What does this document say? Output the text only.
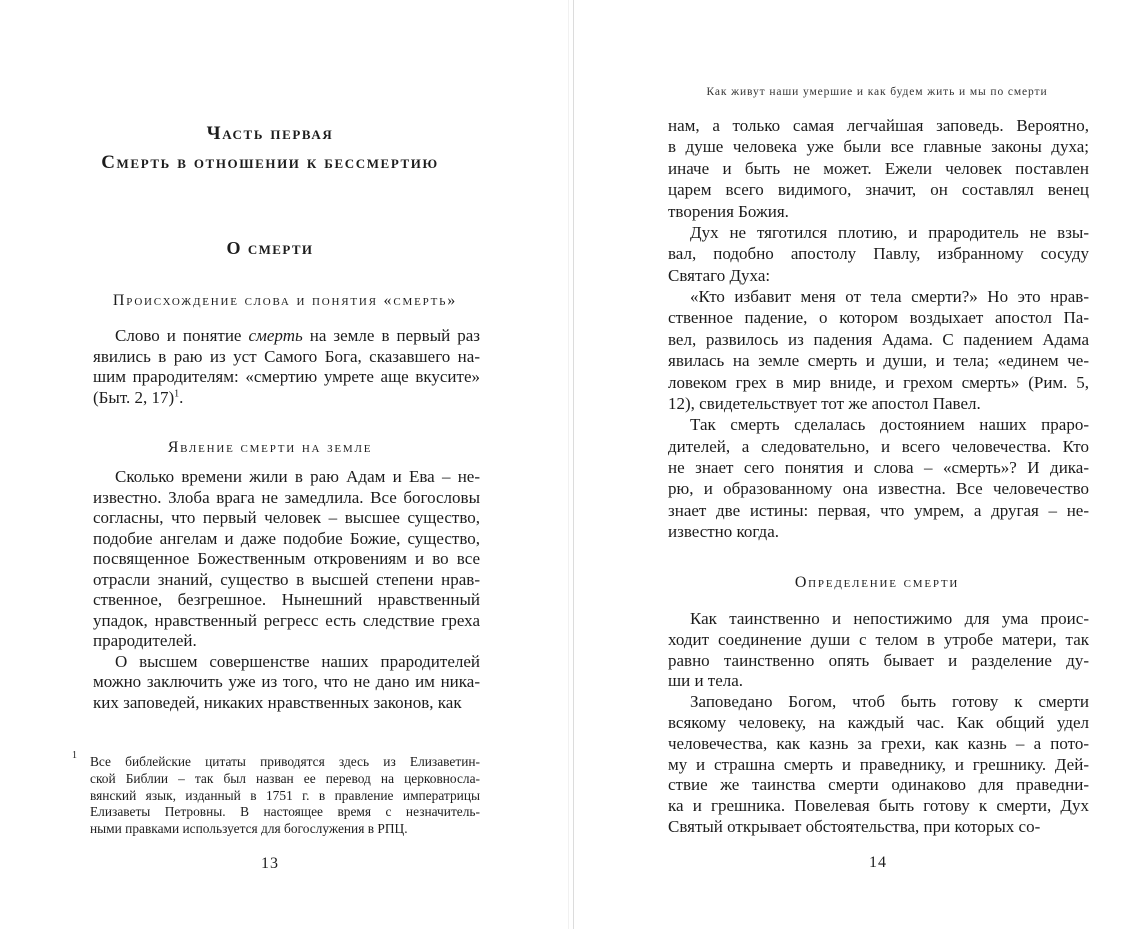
Часть первая
Смерть в отношении к бессмертию
О смерти
Происхождение слова и понятия «смерть»
Слово и понятие смерть на земле в первый раз
явились в раю из уст Самого Бога, сказавшего на-
шим прародителям: «смертию умрете аще вкусите»
(Быт. 2, 17)$^1$.
Явление смерти на земле
Сколько времени жили в раю Адам и Ева – не-
известно. Злоба врага не замедлила. Все богословы
согласны, что первый человек – высшее существо,
подобие ангелам и даже подобие Божие, существо,
посвященное Божественным откровениям и во все
отрасли знаний, существо в высшей степени нрав-
ственное, безгрешное. Нынешний нравственный
упадок, нравственный регресс есть следствие греха
прародителей.
О высшем совершенстве наших прародителей
можно заключить уже из того, что не дано им ника-
ких заповедей, никаких нравственных законов, как
1 Все библейские цитаты приводятся здесь из Елизаветин-
ской Библии – так был назван ее перевод на церковносла-
вянский язык, изданный в 1751 г. в правление императрицы
Елизаветы Петровны. В настоящее время с незначитель-
ными правками используется для богослужения в РПЦ.
13
Как живут наши умершие и как будем жить и мы по смерти
нам, а только самая легчайшая заповедь. Вероятно,
в душе человека уже были все главные законы духа;
иначе и быть не может. Ежели человек поставлен
царем всего видимого, значит, он составлял венец
творения Божия.
Дух не тяготился плотию, и прародитель не взы-
вал, подобно апостолу Павлу, избранному сосуду
Святаго Духа:
«Кто избавит меня от тела смерти?» Но это нрав-
ственное падение, о котором воздыхает апостол Па-
вел, развилось из падения Адама. С падением Адама
явилась на земле смерть и души, и тела; «единем че-
ловеком грех в мир вниде, и грехом смерть» (Рим. 5,
12), свидетельствует тот же апостол Павел.
Так смерть сделалась достоянием наших праро-
дителей, а следовательно, и всего человечества. Кто
не знает сего понятия и слова – «смерть»? И дика-
рю, и образованному она известна. Все человечество
знает две истины: первая, что умрем, а другая – не-
известно когда.
Определение смерти
Как таинственно и непостижимо для ума проис-
ходит соединение души с телом в утробе матери, так
равно таинственно опять бывает и разделение ду-
ши и тела.
Заповедано Богом, чтоб быть готову к смерти
всякому человеку, на каждый час. Как общий удел
человечества, как казнь за грехи, как казнь – а пото-
му и страшна смерть и праведнику, и грешнику. Дей-
ствие же таинства смерти одинаково для праведни-
ка и грешника. Повелевая быть готову к смерти, Дух
Святый открывает обстоятельства, при которых со-
14
